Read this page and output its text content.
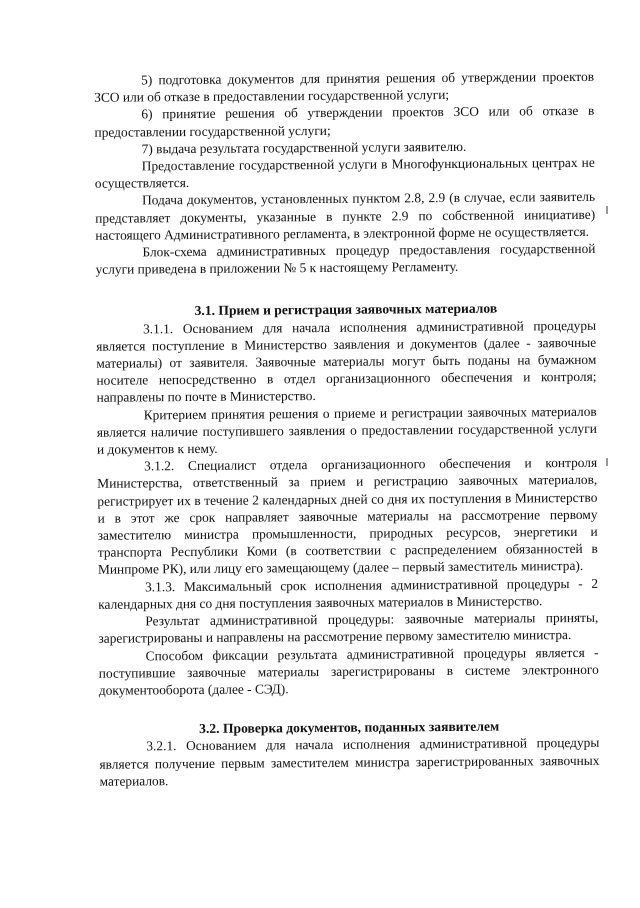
5) подготовка документов для принятия решения об утверждении проектов ЗСО или об отказе в предоставлении государственной услуги;

6) принятие решения об утверждении проектов ЗСО или об отказе в предоставлении государственной услуги;

7) выдача результата государственной услуги заявителю.

Предоставление государственной услуги в Многофункциональных центрах не осуществляется.

Подача документов, установленных пунктом 2.8, 2.9 (в случае, если заявитель представляет документы, указанные в пункте 2.9 по собственной инициативе) настоящего Административного регламента, в электронной форме не осуществляется.

Блок-схема административных процедур предоставления государственной услуги приведена в приложении № 5 к настоящему Регламенту.

3.1. Прием и регистрация заявочных материалов

3.1.1. Основанием для начала исполнения административной процедуры является поступление в Министерство заявления и документов (далее - заявочные материалы) от заявителя. Заявочные материалы могут быть поданы на бумажном носителе непосредственно в отдел организационного обеспечения и контроля; направлены по почте в Министерство.

Критерием принятия решения о приеме и регистрации заявочных материалов является наличие поступившего заявления о предоставлении государственной услуги и документов к нему.

3.1.2. Специалист отдела организационного обеспечения и контроля Министерства, ответственный за прием и регистрацию заявочных материалов, регистрирует их в течение 2 календарных дней со дня их поступления в Министерство и в этот же срок направляет заявочные материалы на рассмотрение первому заместителю министра промышленности, природных ресурсов, энергетики и транспорта Республики Коми (в соответствии с распределением обязанностей в Минпроме РК), или лицу его замещающему (далее – первый заместитель министра).

3.1.3. Максимальный срок исполнения административной процедуры - 2 календарных дня со дня поступления заявочных материалов в Министерство.

Результат административной процедуры: заявочные материалы приняты, зарегистрированы и направлены на рассмотрение первому заместителю министра.

Способом фиксации результата административной процедуры является - поступившие заявочные материалы зарегистрированы в системе электронного документооборота (далее - СЭД).

3.2. Проверка документов, поданных заявителем

3.2.1. Основанием для начала исполнения административной процедуры является получение первым заместителем министра зарегистрированных заявочных материалов.
